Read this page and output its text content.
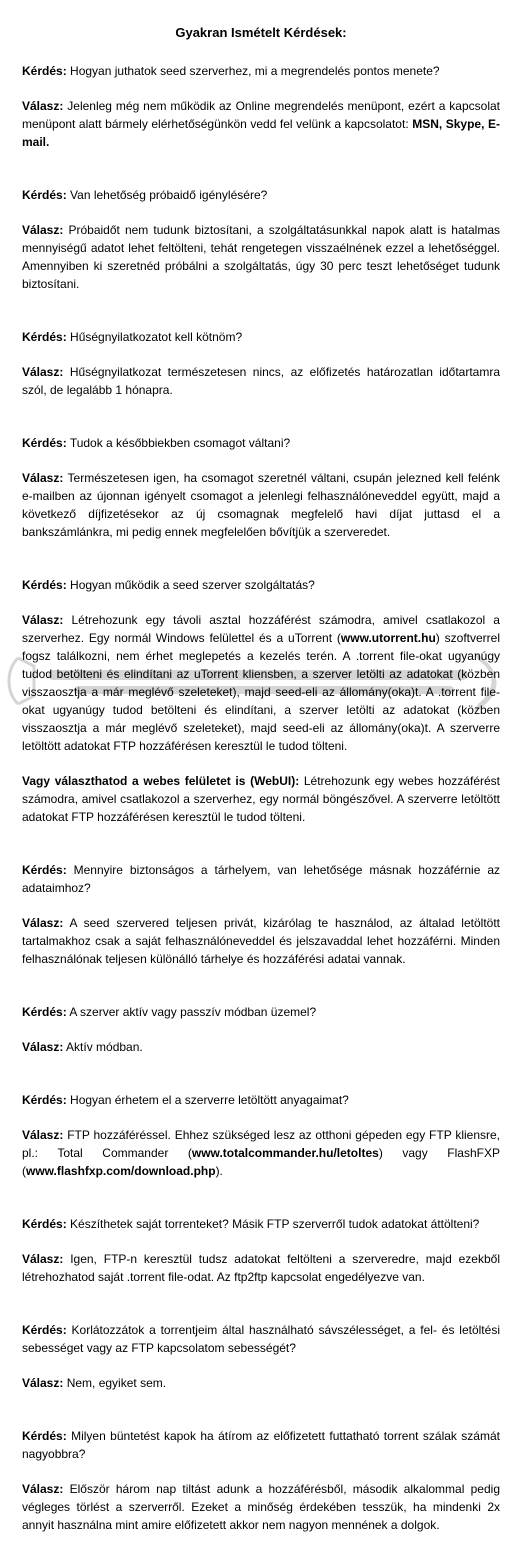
Gyakran Ismételt Kérdések:

Kérdés: Hogyan juthatok seed szerverhez, mi a megrendelés pontos menete?

Válasz: Jelenleg még nem működik az Online megrendelés menüpont, ezért a kapcsolat menüpont alatt bármely elérhetőségünkön vedd fel velünk a kapcsolatot: MSN, Skype, E-mail.

Kérdés: Van lehetőség próbaidő igénylésére?

Válasz: Próbaidőt nem tudunk biztosítani, a szolgáltatásunkkal napok alatt is hatalmas mennyiségű adatot lehet feltölteni, tehát rengetegen visszaélnének ezzel a lehetőséggel. Amennyiben ki szeretnéd próbálni a szolgáltatás, úgy 30 perc teszt lehetőséget tudunk biztosítani.

Kérdés: Hűségnyilatkozatot kell kötnöm?

Válasz: Hűségnyilatkozat természetesen nincs, az előfizetés határozatlan időtartamra szól, de legalább 1 hónapra.

Kérdés: Tudok a későbbiekben csomagot váltani?

Válasz: Természetesen igen, ha csomagot szeretnél váltani, csupán jelezned kell felénk e-mailben az újonnan igényelt csomagot a jelenlegi felhasználóneveddel együtt, majd a következő díjfizetésekor az új csomagnak megfelelő havi díjat juttasd el a bankszámlánkra, mi pedig ennek megfelelően bővítjük a szerveredet.

Kérdés: Hogyan működik a seed szerver szolgáltatás?

Válasz: Létrehozunk egy távoli asztal hozzáférést számodra, amivel csatlakozol a szerverhez. Egy normál Windows felülettel és a uTorrent (www.utorrent.hu) szoftverrel fogsz találkozni, nem érhet meglepetés a kezelés terén. A .torrent file-okat ugyanúgy tudod betölteni és elindítani az uTorrent kliensben, a szerver letölti az adatokat (közben visszaosztja a már meglévő szeleteket), majd seed-eli az állomány(oka)t. A .torrent file-okat ugyanúgy tudod betölteni és elindítani, a szerver letölti az adatokat (közben visszaosztja a már meglévő szeleteket), majd seed-eli az állomány(oka)t. A szerverre letöltött adatokat FTP hozzáférésen keresztül le tudod tölteni.

Vagy választhatod a webes felületet is (WebUI): Létrehozunk egy webes hozzáférést számodra, amivel csatlakozol a szerverhez, egy normál böngészővel. A szerverre letöltött adatokat FTP hozzáférésen keresztül le tudod tölteni.

Kérdés: Mennyire biztonságos a tárhelyem, van lehetősége másnak hozzáférnie az adataimhoz?

Válasz: A seed szervered teljesen privát, kizárólag te használod, az általad letöltött tartalmakhoz csak a saját felhasználóneveddel és jelszavaddal lehet hozzáférni. Minden felhasználónak teljesen különálló tárhelye és hozzáférési adatai vannak.

Kérdés: A szerver aktív vagy passzív módban üzemel?

Válasz: Aktív módban.

Kérdés: Hogyan érhetem el a szerverre letöltött anyagaimat?

Válasz: FTP hozzáféréssel. Ehhez szükséged lesz az otthoni gépeden egy FTP kliensre, pl.: Total Commander (www.totalcommander.hu/letoltes) vagy FlashFXP (www.flashfxp.com/download.php).

Kérdés: Készíthetek saját torrenteket? Másik FTP szerverről tudok adatokat áttölteni?

Válasz: Igen, FTP-n keresztül tudsz adatokat feltölteni a szerveredre, majd ezekből létrehozhatod saját .torrent file-odat. Az ftp2ftp kapcsolat engedélyezve van.

Kérdés: Korlátozzátok a torrentjeim által használható sávszélességet, a fel- és letöltési sebességet vagy az FTP kapcsolatom sebességét?

Válasz: Nem, egyiket sem.

Kérdés: Milyen büntetést kapok ha átírom az előfizetett futtatható torrent szálak számát nagyobbra?

Válasz: Először három nap tiltást adunk a hozzáférésből, második alkalommal pedig végleges törlést a szerverről. Ezeket a minőség érdekében tesszük, ha mindenki 2x annyit használna mint amire előfizetett akkor nem nagyon mennének a dolgok.
